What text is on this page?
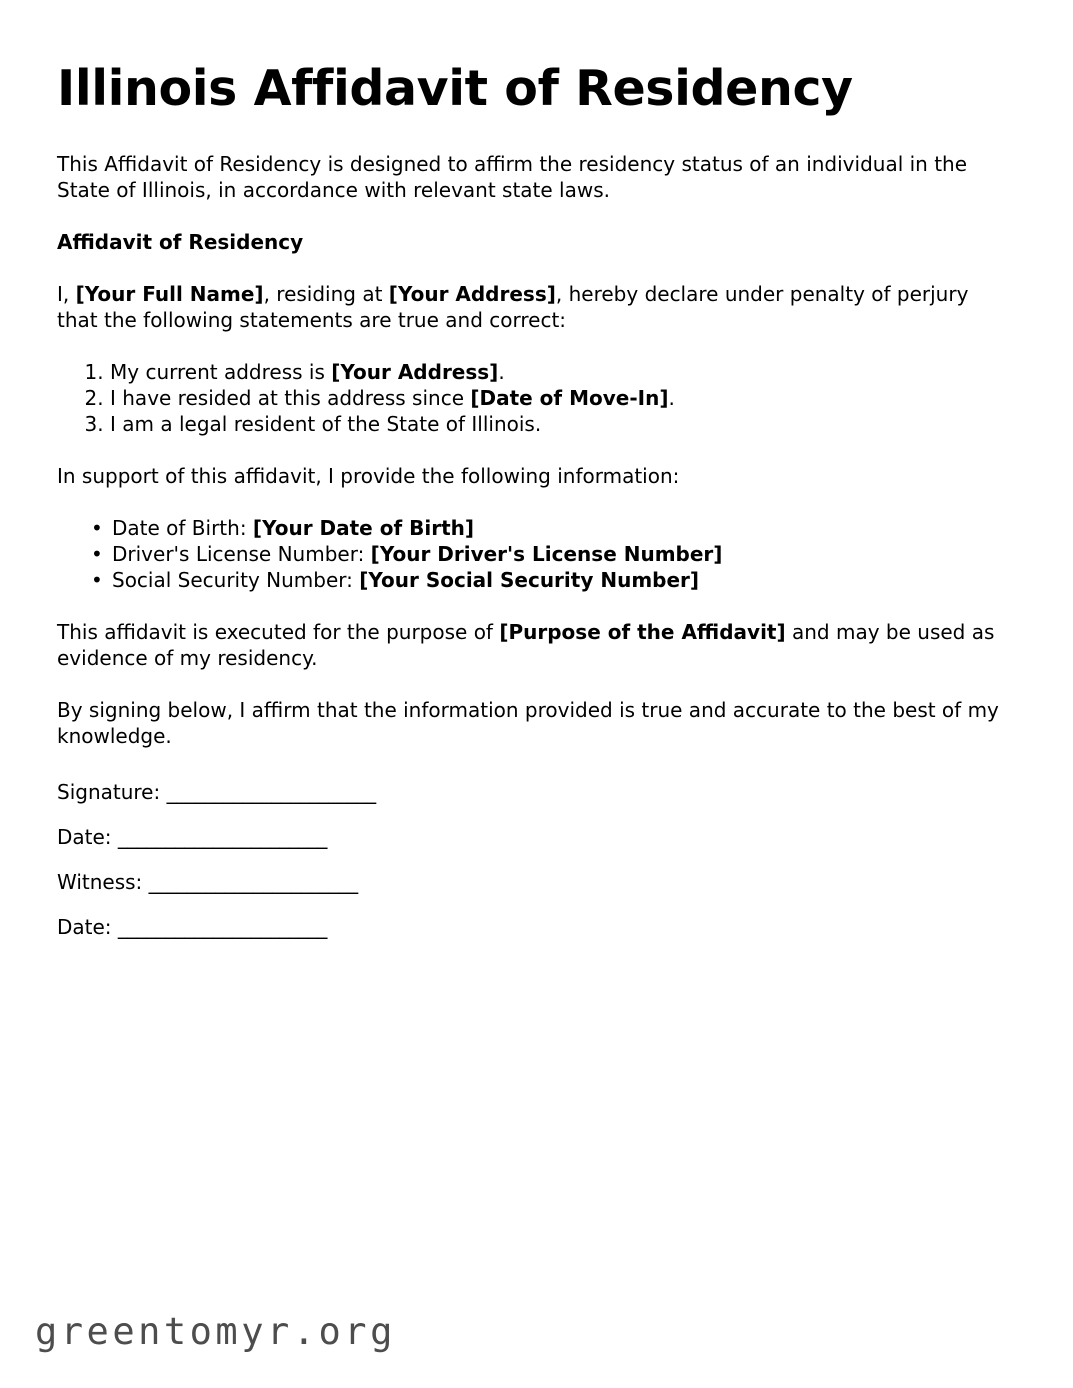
Illinois Affidavit of Residency

This Affidavit of Residency is designed to affirm the residency status of an individual in the State of Illinois, in accordance with relevant state laws.

Affidavit of Residency

I, [Your Full Name], residing at [Your Address], hereby declare under penalty of perjury that the following statements are true and correct:

1. My current address is [Your Address].
2. I have resided at this address since [Date of Move-In].
3. I am a legal resident of the State of Illinois.

In support of this affidavit, I provide the following information:

• Date of Birth: [Your Date of Birth]
• Driver's License Number: [Your Driver's License Number]
• Social Security Number: [Your Social Security Number]

This affidavit is executed for the purpose of [Purpose of the Affidavit] and may be used as evidence of my residency.

By signing below, I affirm that the information provided is true and accurate to the best of my knowledge.

Signature: ______________________

Date: ______________________

Witness: ______________________

Date: ______________________

greentomyr.org
